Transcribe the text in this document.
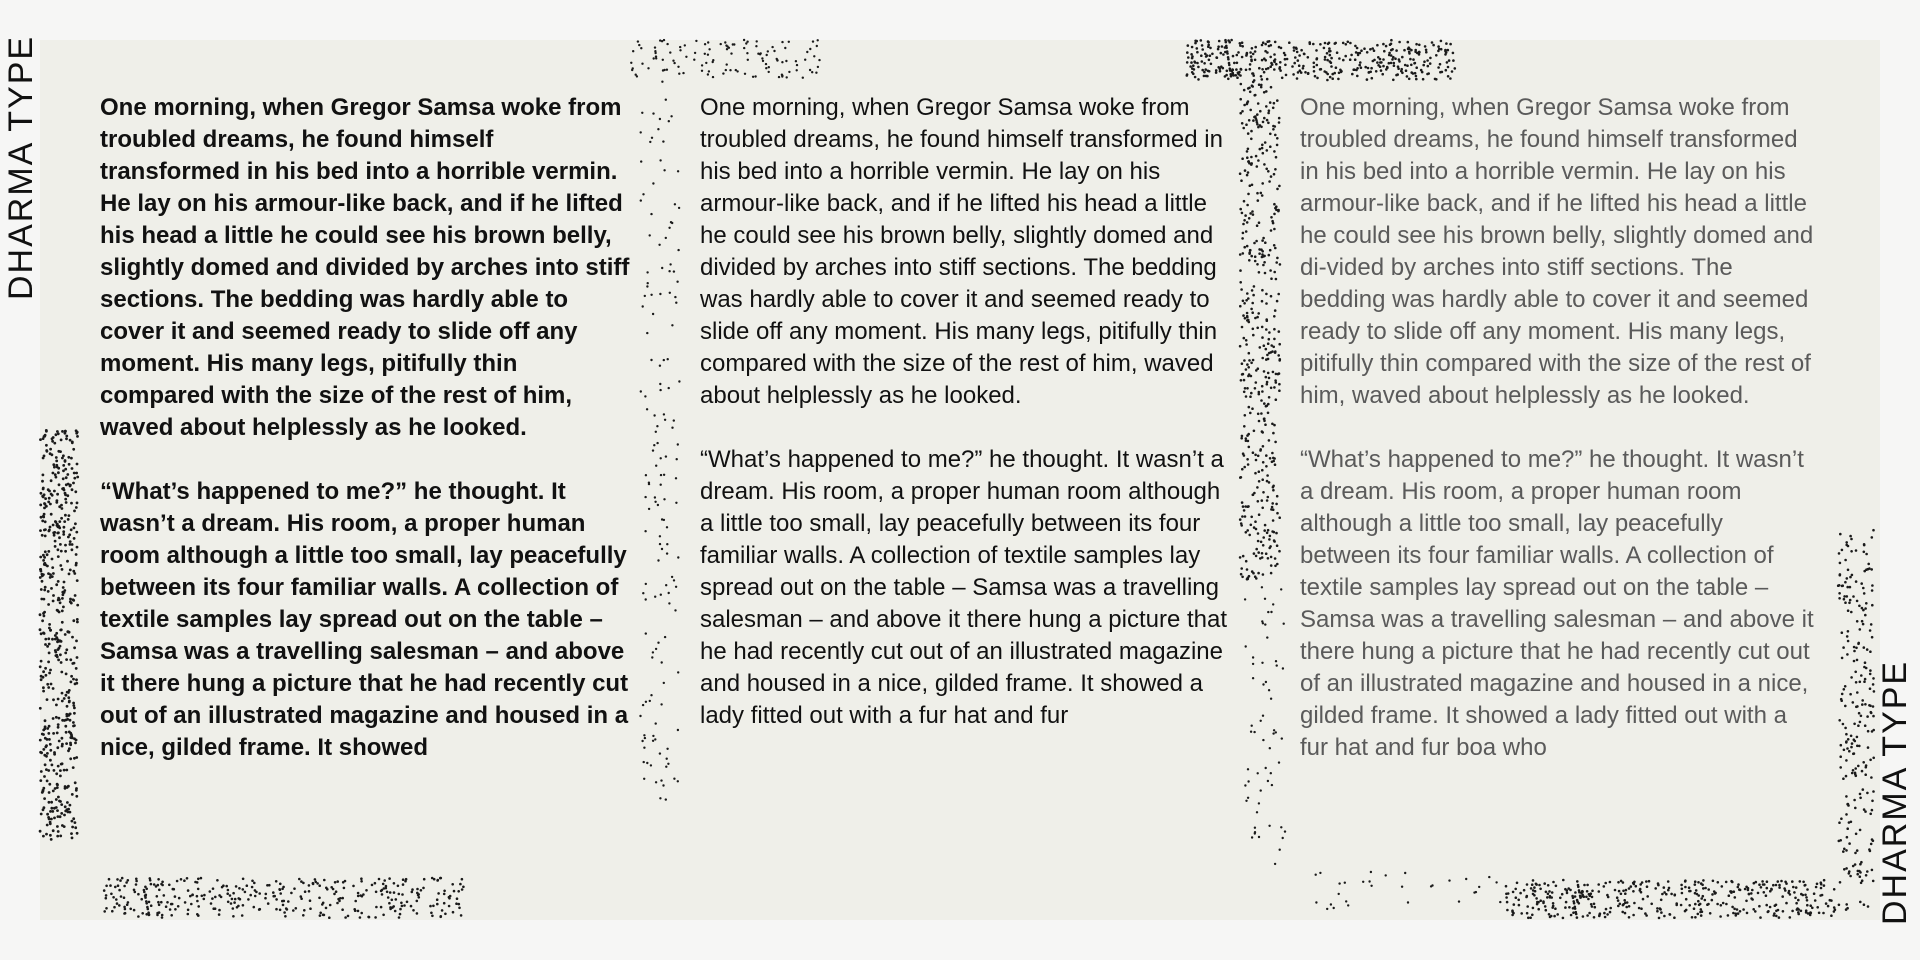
DHARMA TYPE
DHARMA TYPE

One morning, when Gregor Samsa woke from troubled dreams, he found himself transformed in his bed into a horrible vermin. He lay on his armour-like back, and if he lifted his head a little he could see his brown belly, slightly domed and divided by arches into stiff sections. The bedding was hardly able to cover it and seemed ready to slide off any moment. His many legs, pitifully thin compared with the size of the rest of him, waved about helplessly as he looked.

“What’s happened to me?” he thought. It wasn’t a dream. His room, a proper human room although a little too small, lay peacefully between its four familiar walls. A collection of textile samples lay spread out on the table – Samsa was a travelling salesman – and above it there hung a picture that he had recently cut out of an illustrated magazine and housed in a nice, gilded frame. It showed

One morning, when Gregor Samsa woke from troubled dreams, he found himself transformed in his bed into a horrible vermin. He lay on his armour-like back, and if he lifted his head a little he could see his brown belly, slightly domed and divided by arches into stiff sections. The bedding was hardly able to cover it and seemed ready to slide off any moment. His many legs, pitifully thin compared with the size of the rest of him, waved about helplessly as he looked.

“What’s happened to me?” he thought. It wasn’t a dream. His room, a proper human room although a little too small, lay peacefully between its four familiar walls. A collection of textile samples lay spread out on the table – Samsa was a travelling salesman – and above it there hung a picture that he had recently cut out of an illustrated magazine and housed in a nice, gilded frame. It showed a lady fitted out with a fur hat and fur

One morning, when Gregor Samsa woke from troubled dreams, he found himself transformed in his bed into a horrible vermin. He lay on his armour-like back, and if he lifted his head a little he could see his brown belly, slightly domed and di-vided by arches into stiff sections. The bedding was hardly able to cover it and seemed ready to slide off any moment. His many legs, pitifully thin compared with the size of the rest of him, waved about helplessly as he looked.

“What’s happened to me?” he thought. It wasn’t a dream. His room, a proper human room although a little too small, lay peacefully between its four familiar walls. A collection of textile samples lay spread out on the table – Samsa was a travelling salesman – and above it there hung a picture that he had recently cut out of an illustrated magazine and housed in a nice, gilded frame. It showed a lady fitted out with a fur hat and fur boa who
